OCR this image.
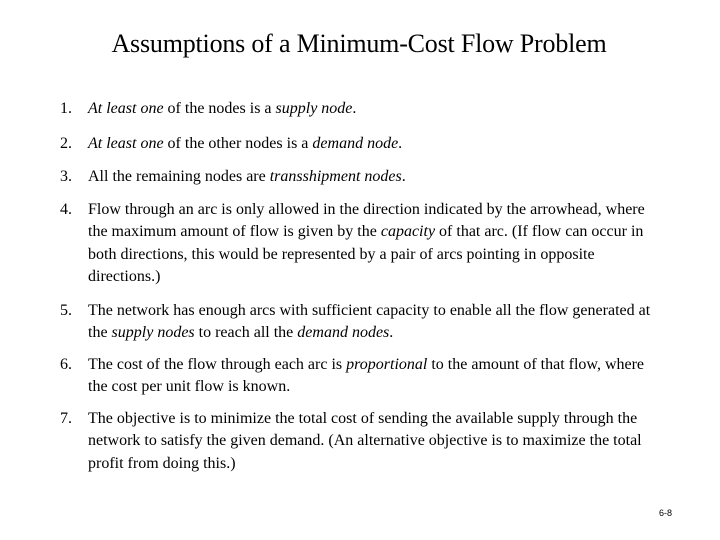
Assumptions of a Minimum-Cost Flow Problem
1. At least one of the nodes is a supply node.
2. At least one of the other nodes is a demand node.
3. All the remaining nodes are transshipment nodes.
4. Flow through an arc is only allowed in the direction indicated by the arrowhead, where the maximum amount of flow is given by the capacity of that arc. (If flow can occur in both directions, this would be represented by a pair of arcs pointing in opposite directions.)
5. The network has enough arcs with sufficient capacity to enable all the flow generated at the supply nodes to reach all the demand nodes.
6. The cost of the flow through each arc is proportional to the amount of that flow, where the cost per unit flow is known.
7. The objective is to minimize the total cost of sending the available supply through the network to satisfy the given demand. (An alternative objective is to maximize the total profit from doing this.)
6-8
